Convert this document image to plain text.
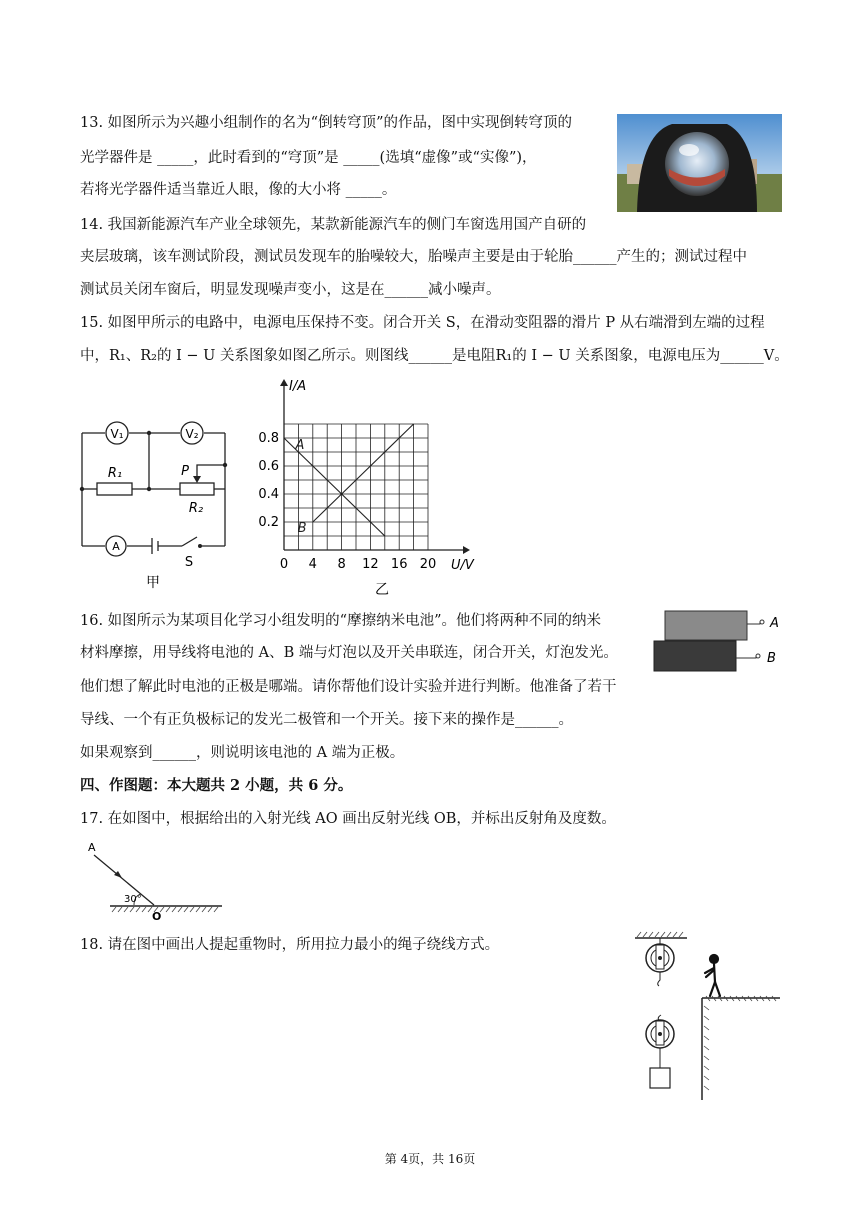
13. 如图所示为兴趣小组制作的名为“倒转穹顶”的作品，图中实现倒转穹顶的
光学器件是 _____，此时看到的“穹顶”是 _____(选填“虚像”或“实像”)，
若将光学器件适当靠近人眼，像的大小将 _____。
14. 我国新能源汽车产业全球领先，某款新能源汽车的侧门车窗选用国产自研的
夹层玻璃，该车测试阶段，测试员发现车的胎噪较大，胎噪声主要是由于轮胎______产生的；测试过程中
测试员关闭车窗后，明显发现噪声变小，这是在______减小噪声。
15. 如图甲所示的电路中，电源电压保持不变。闭合开关 S，在滑动变阻器的滑片 P 从右端滑到左端的过程
中，R₁、R₂的 I − U 关系图象如图乙所示。则图线______是电阻R₁的 I − U 关系图象，电源电压为______V。
V₁	V₂
R₁	P
R₂
A
S
甲
0 4 8 12 16 20
0.2
0.4
0.6
0.8 A
B
I/A
U/V
乙
16. 如图所示为某项目化学习小组发明的“摩擦纳米电池”。他们将两种不同的纳米
材料摩擦，用导线将电池的 A、B 端与灯泡以及开关串联连，闭合开关，灯泡发光。
他们想了解此时电池的正极是哪端。请你帮他们设计实验并进行判断。他准备了若干
导线、一个有正负极标记的发光二极管和一个开关。接下来的操作是______。
如果观察到______，则说明该电池的 A 端为正极。
A
B
四、作图题：本大题共 2 小题，共 6 分。
17. 在如图中，根据给出的入射光线 AO 画出反射光线 OB，并标出反射角及度数。
A
O
30°
18. 请在图中画出人提起重物时，所用拉力最小的绳子绕线方式。
第 4页，共 16页
